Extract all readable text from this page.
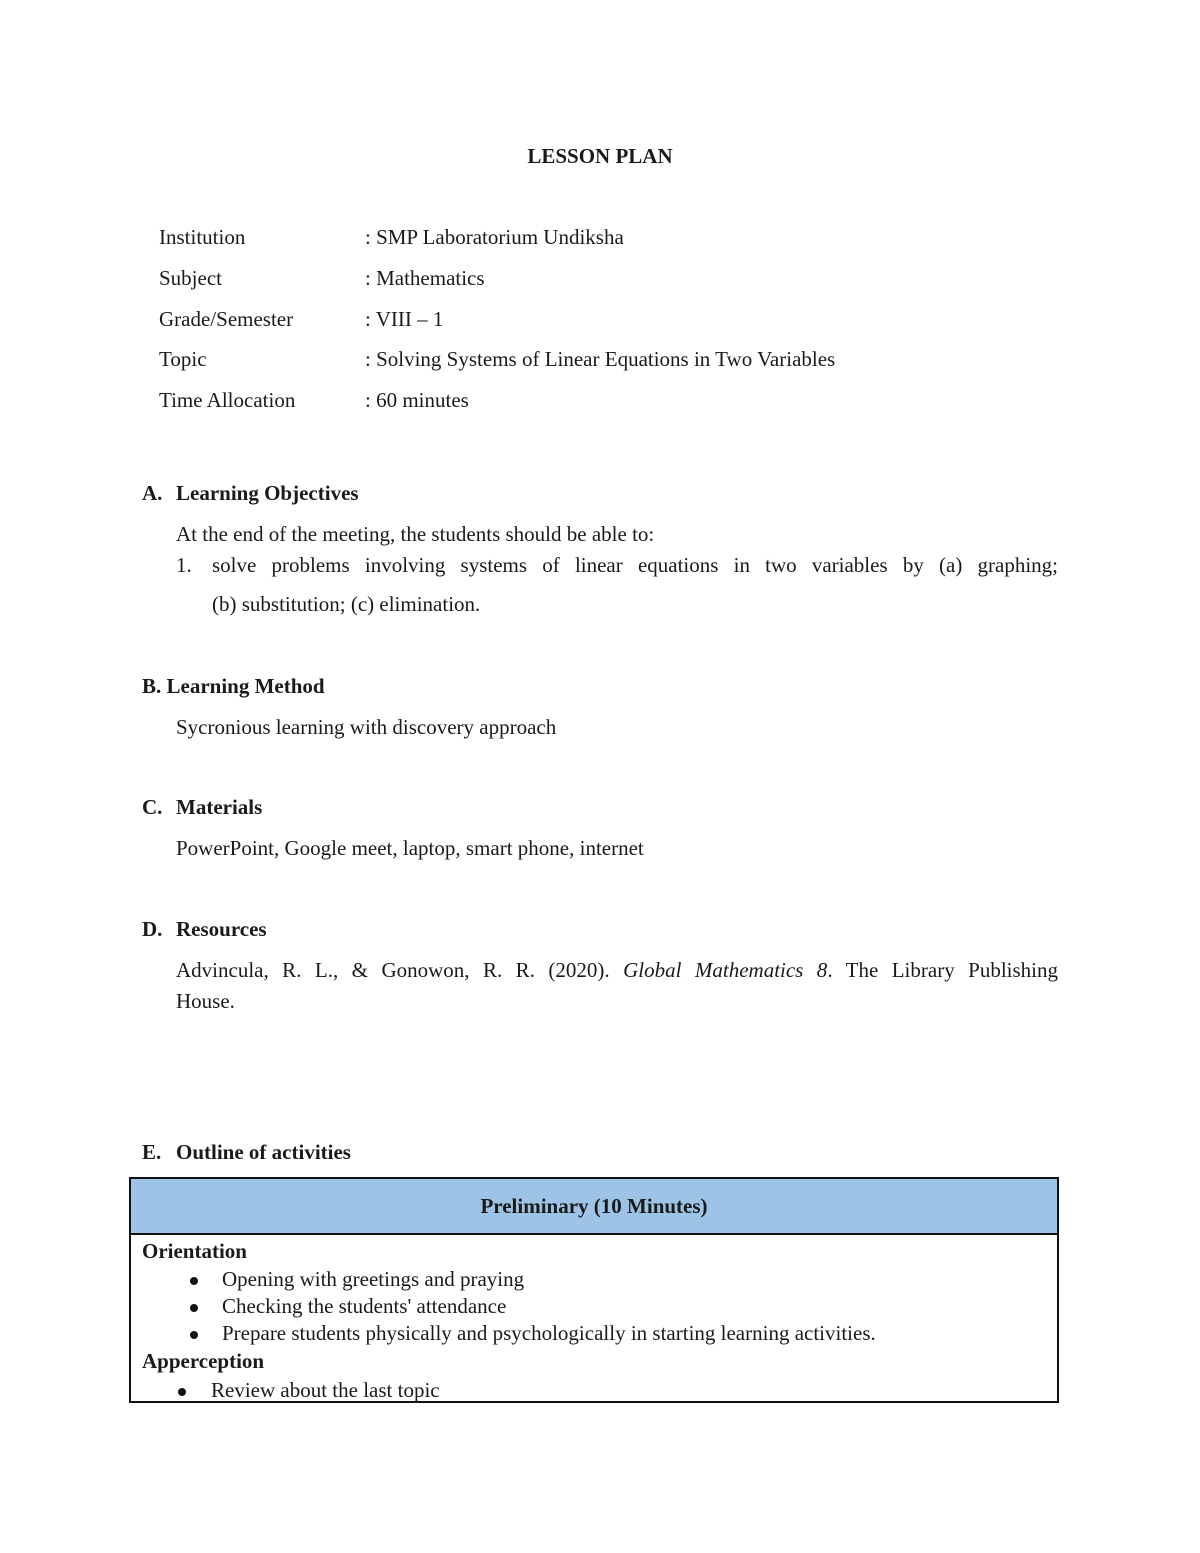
LESSON PLAN
Institution	: SMP Laboratorium Undiksha
Subject	: Mathematics
Grade/Semester	: VIII – 1
Topic	: Solving Systems of Linear Equations in Two Variables
Time Allocation	: 60 minutes
A. Learning Objectives
At the end of the meeting, the students should be able to:
1. solve problems involving systems of linear equations in two variables by (a) graphing;
(b) substitution; (c) elimination.
B. Learning Method
Sycronious learning with discovery approach
C. Materials
PowerPoint, Google meet, laptop, smart phone, internet
D. Resources
Advincula, R. L., & Gonowon, R. R. (2020). Global Mathematics 8. The Library Publishing
House.
E. Outline of activities
Preliminary (10 Minutes)
Orientation
Opening with greetings and praying
Checking the students' attendance
Prepare students physically and psychologically in starting learning activities.
Apperception
Review about the last topic
